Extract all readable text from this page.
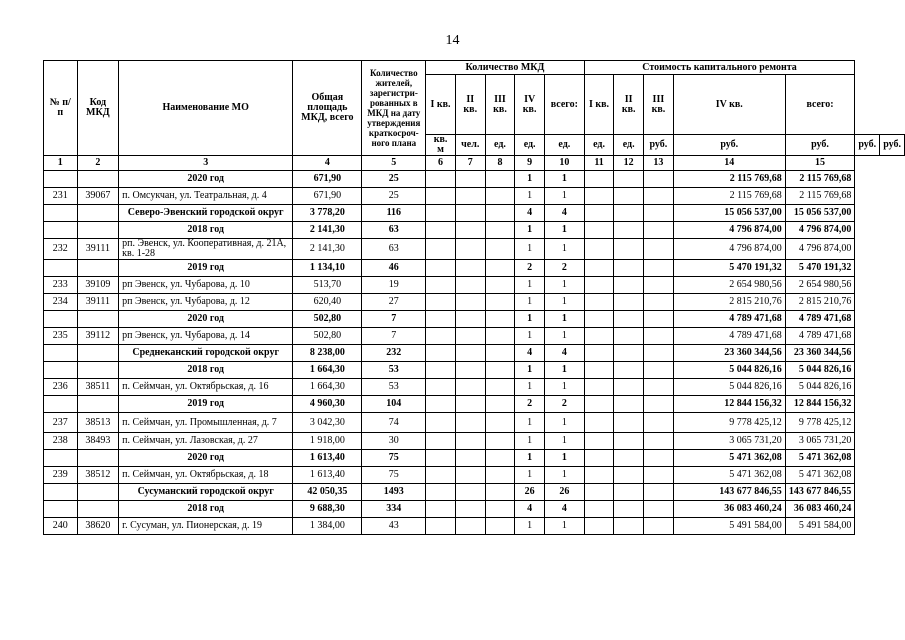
14
№ п/п	Код МКД	Наименование МО	Общая площадь МКД, всего	Количество жителей, зарегистри-рованных в МКД на дату утверждения краткосроч-ного плана	Количество МКД					Стоимость капитального ремонта						
					I кв.	II кв.	III кв.	IV кв.	всего:	I кв.	II кв.	III кв.	IV кв.	всего:		
					кв. м	чел.	ед.	ед.	ед.	ед.	ед.	руб.	руб.	руб.	руб.	руб.
1	2	3	4	5	6	7	8	9	10	11	12	13	14	15		
		2020 год	671,90	25				1	1				2 115 769,68	2 115 769,68		
231	39067	п. Омсукчан, ул. Театральная, д. 4	671,90	25				1	1				2 115 769,68	2 115 769,68		
		Северо-Эвенский городской округ	3 778,20	116				4	4				15 056 537,00	15 056 537,00		
		2018 год	2 141,30	63				1	1				4 796 874,00	4 796 874,00		
232	39111	рп. Эвенск, ул. Кооперативная, д. 21А, кв. 1-28	2 141,30	63				1	1				4 796 874,00	4 796 874,00		
		2019 год	1 134,10	46				2	2				5 470 191,32	5 470 191,32		
233	39109	рп Эвенск, ул. Чубарова, д. 10	513,70	19				1	1				2 654 980,56	2 654 980,56		
234	39111	рп Эвенск, ул. Чубарова, д. 12	620,40	27				1	1				2 815 210,76	2 815 210,76		
		2020 год	502,80	7				1	1				4 789 471,68	4 789 471,68		
235	39112	рп Эвенск, ул. Чубарова, д. 14	502,80	7				1	1				4 789 471,68	4 789 471,68		
		Среднеканский городской округ	8 238,00	232				4	4				23 360 344,56	23 360 344,56		
		2018 год	1 664,30	53				1	1				5 044 826,16	5 044 826,16		
236	38511	п. Сеймчан, ул. Октябрьская, д. 16	1 664,30	53				1	1				5 044 826,16	5 044 826,16		
		2019 год	4 960,30	104				2	2				12 844 156,32	12 844 156,32		
237	38513	п. Сеймчан, ул. Промышленная, д. 7	3 042,30	74				1	1				9 778 425,12	9 778 425,12		
238	38493	п. Сеймчан, ул. Лазовская, д. 27	1 918,00	30				1	1				3 065 731,20	3 065 731,20		
		2020 год	1 613,40	75				1	1				5 471 362,08	5 471 362,08		
239	38512	п. Сеймчан, ул. Октябрьская, д. 18	1 613,40	75				1	1				5 471 362,08	5 471 362,08		
		Сусуманский городской округ	42 050,35	1493				26	26				143 677 846,55	143 677 846,55		
		2018 год	9 688,30	334				4	4				36 083 460,24	36 083 460,24		
240	38620	г. Сусуман, ул. Пионерская, д. 19	1 384,00	43				1	1				5 491 584,00	5 491 584,00		
